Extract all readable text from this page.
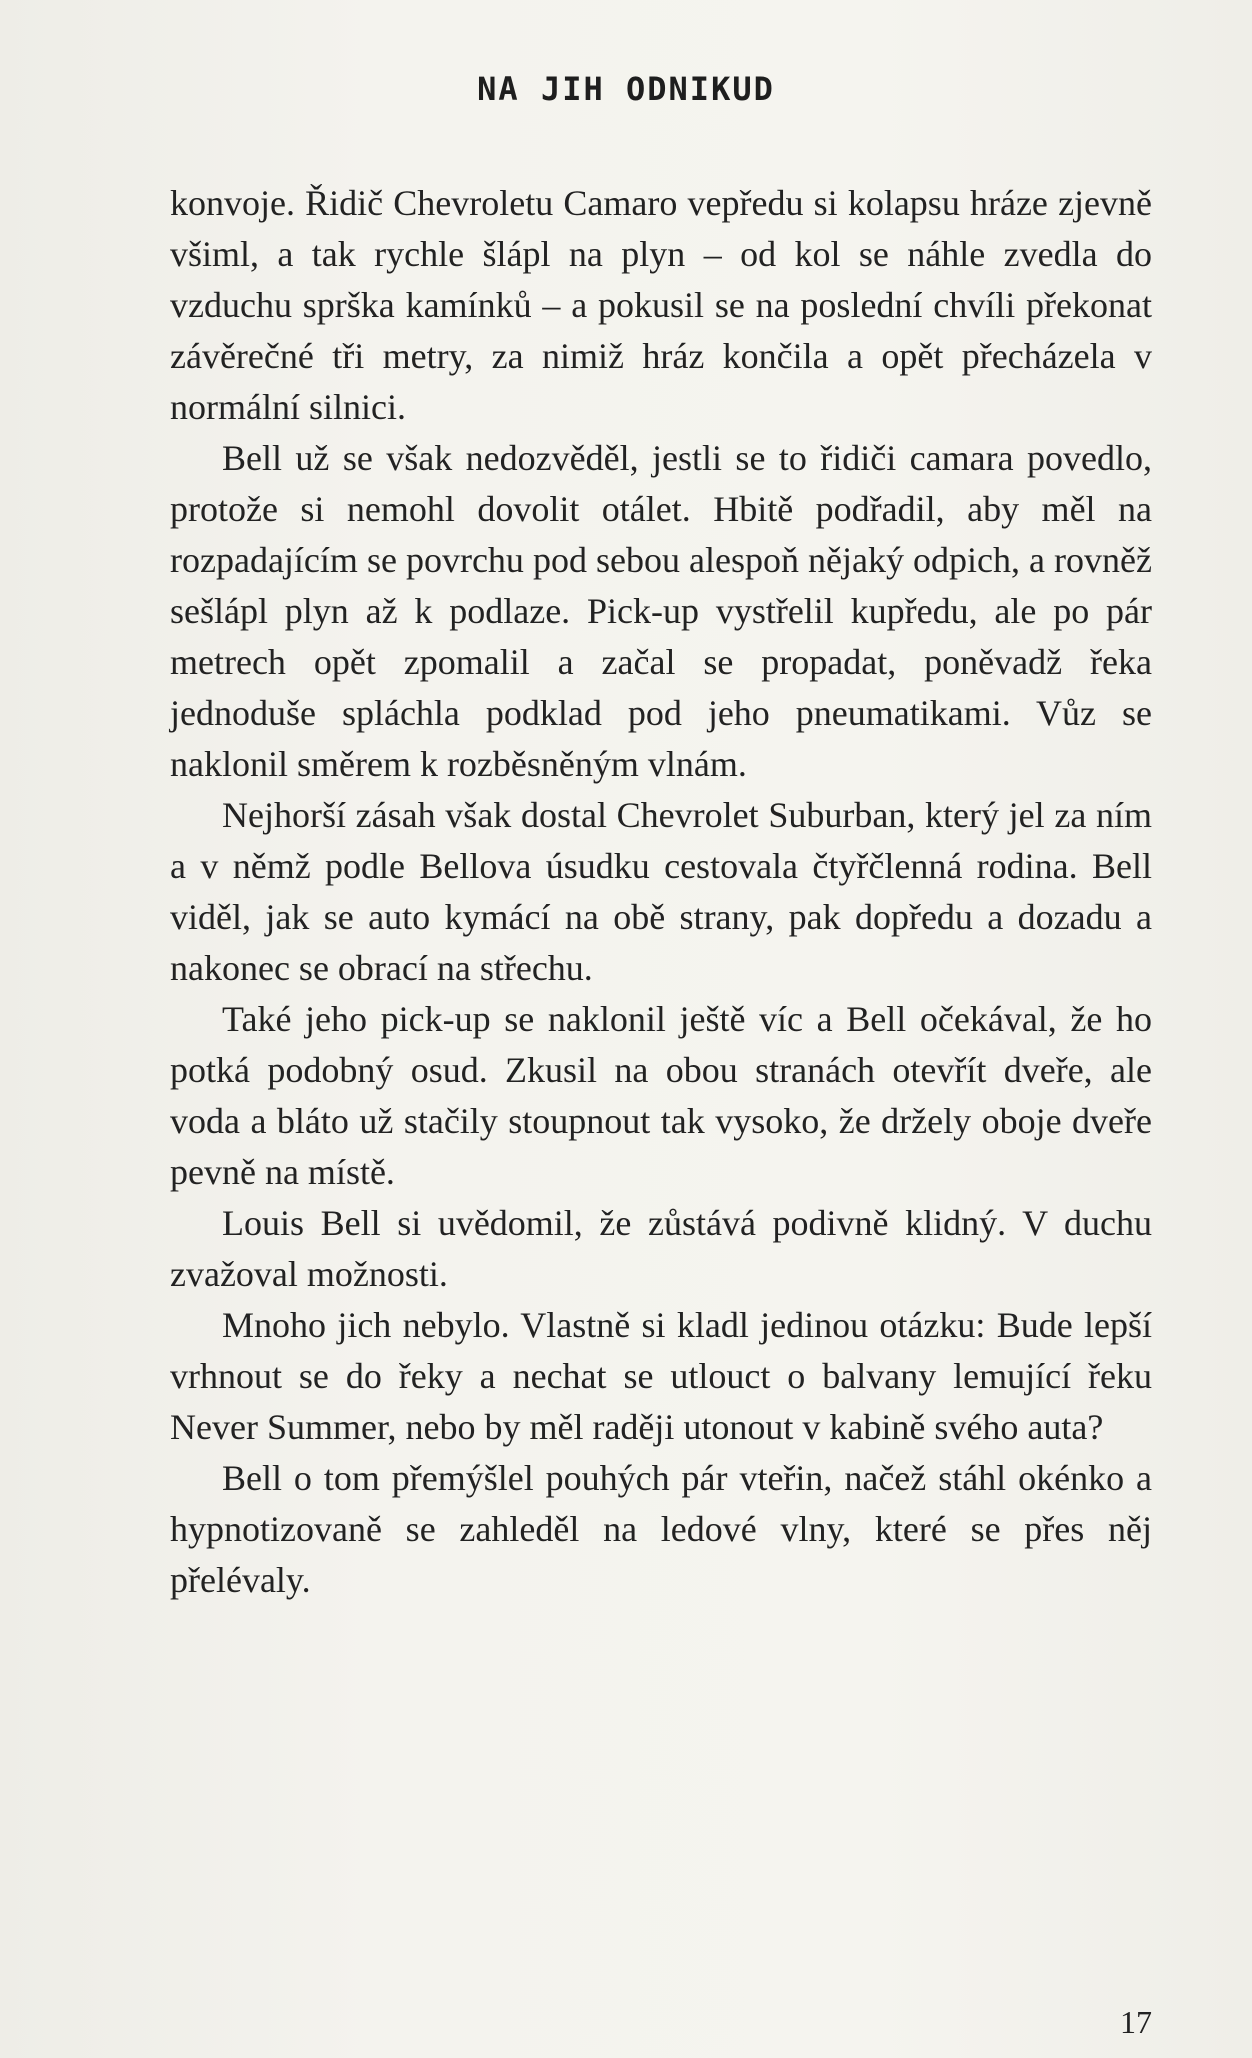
NA JIH ODNIKUD

konvoje. Řidič Chevroletu Camaro vepředu si kolapsu hráze zjevně všiml, a tak rychle šlápl na plyn – od kol se náhle zvedla do vzduchu sprška kamínků – a pokusil se na poslední chvíli překonat závěrečné tři metry, za nimiž hráz končila a opět přecházela v normální silnici.

Bell už se však nedozvěděl, jestli se to řidiči camara povedlo, protože si nemohl dovolit otálet. Hbitě podřadil, aby měl na rozpadajícím se povrchu pod sebou alespoň nějaký odpich, a rovněž sešlápl plyn až k podlaze. Pick-up vystřelil kupředu, ale po pár metrech opět zpomalil a začal se propadat, poněvadž řeka jednoduše spláchla podklad pod jeho pneumatikami. Vůz se naklonil směrem k rozběsněným vlnám.

Nejhorší zásah však dostal Chevrolet Suburban, který jel za ním a v němž podle Bellova úsudku cestovala čtyřčlenná rodina. Bell viděl, jak se auto kymácí na obě strany, pak dopředu a dozadu a nakonec se obrací na střechu.

Také jeho pick-up se naklonil ještě víc a Bell očekával, že ho potká podobný osud. Zkusil na obou stranách otevřít dveře, ale voda a bláto už stačily stoupnout tak vysoko, že držely oboje dveře pevně na místě.

Louis Bell si uvědomil, že zůstává podivně klidný. V duchu zvažoval možnosti.

Mnoho jich nebylo. Vlastně si kladl jedinou otázku: Bude lepší vrhnout se do řeky a nechat se utlouct o balvany lemující řeku Never Summer, nebo by měl raději utonout v kabině svého auta?

Bell o tom přemýšlel pouhých pár vteřin, načež stáhl okénko a hypnotizovaně se zahleděl na ledové vlny, které se přes něj přelévaly.

17
